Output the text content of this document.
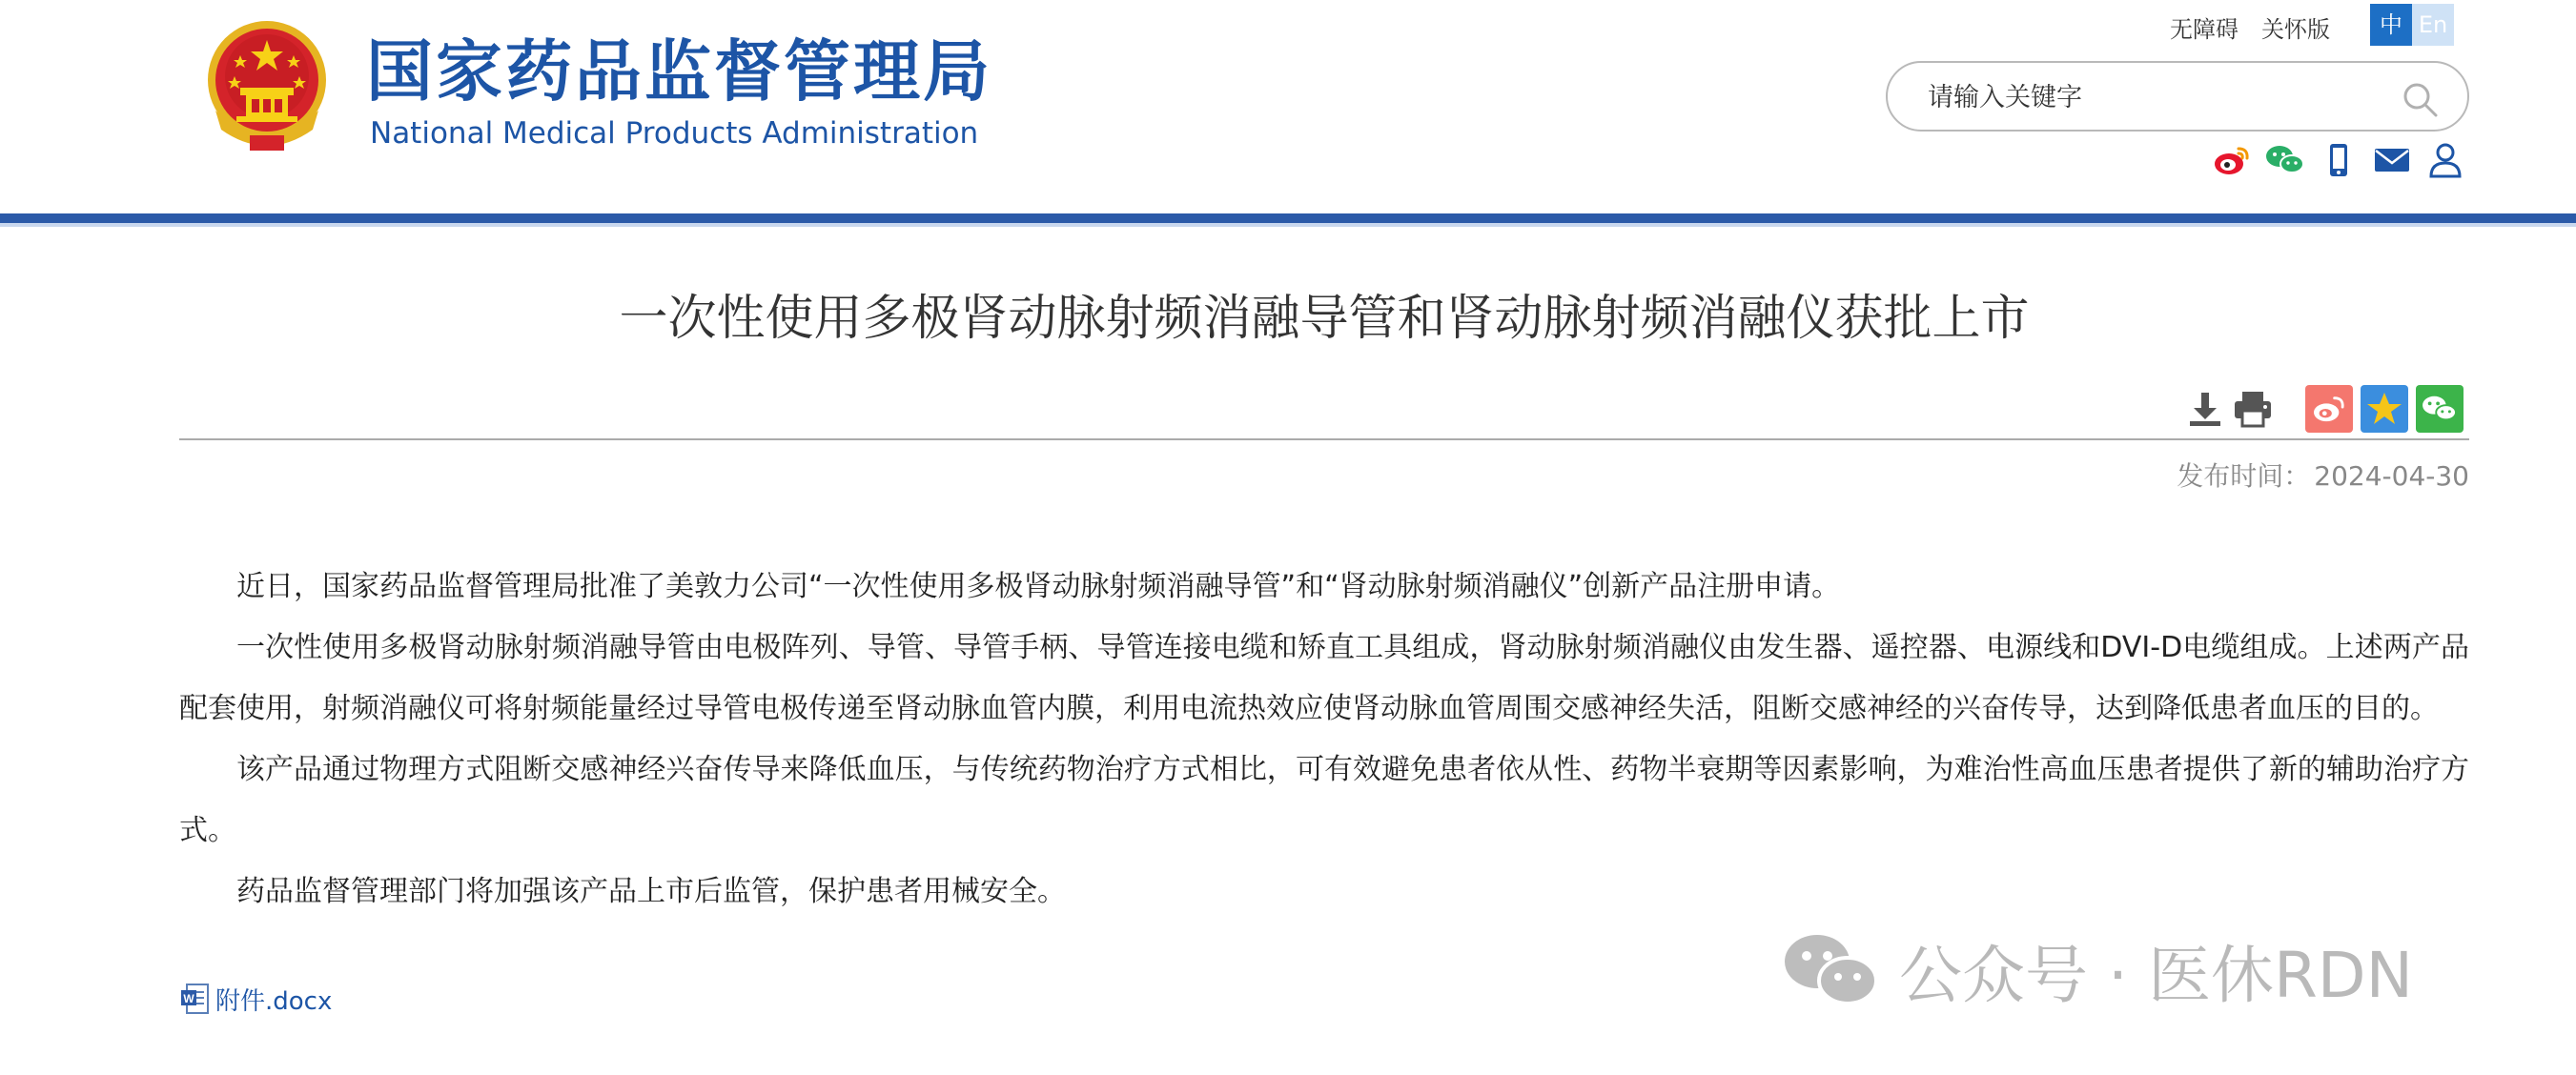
国家药品监督管理局
National Medical Products Administration
无障碍 关怀版	中 En
请输入关键字
一次性使用多极肾动脉射频消融导管和肾动脉射频消融仪获批上市
发布时间： 2024-04-30

近日，国家药品监督管理局批准了美敦力公司“一次性使用多极肾动脉射频消融导管”和“肾动脉射频消融仪”创新产品注册申请。

一次性使用多极肾动脉射频消融导管由电极阵列、导管、导管手柄、导管连接电缆和矫直工具组成，肾动脉射频消融仪由发生器、遥控器、电源线和DVI-D电缆组成。上述两产品配套使用，射频消融仪可将射频能量经过导管电极传递至肾动脉血管内膜，利用电流热效应使肾动脉血管周围交感神经失活，阻断交感神经的兴奋传导，达到降低患者血压的目的。

该产品通过物理方式阻断交感神经兴奋传导来降低血压，与传统药物治疗方式相比，可有效避免患者依从性、药物半衰期等因素影响，为难治性高血压患者提供了新的辅助治疗方式。

药品监督管理部门将加强该产品上市后监管，保护患者用械安全。

W 附件.docx	公众号 · 医休RDN
